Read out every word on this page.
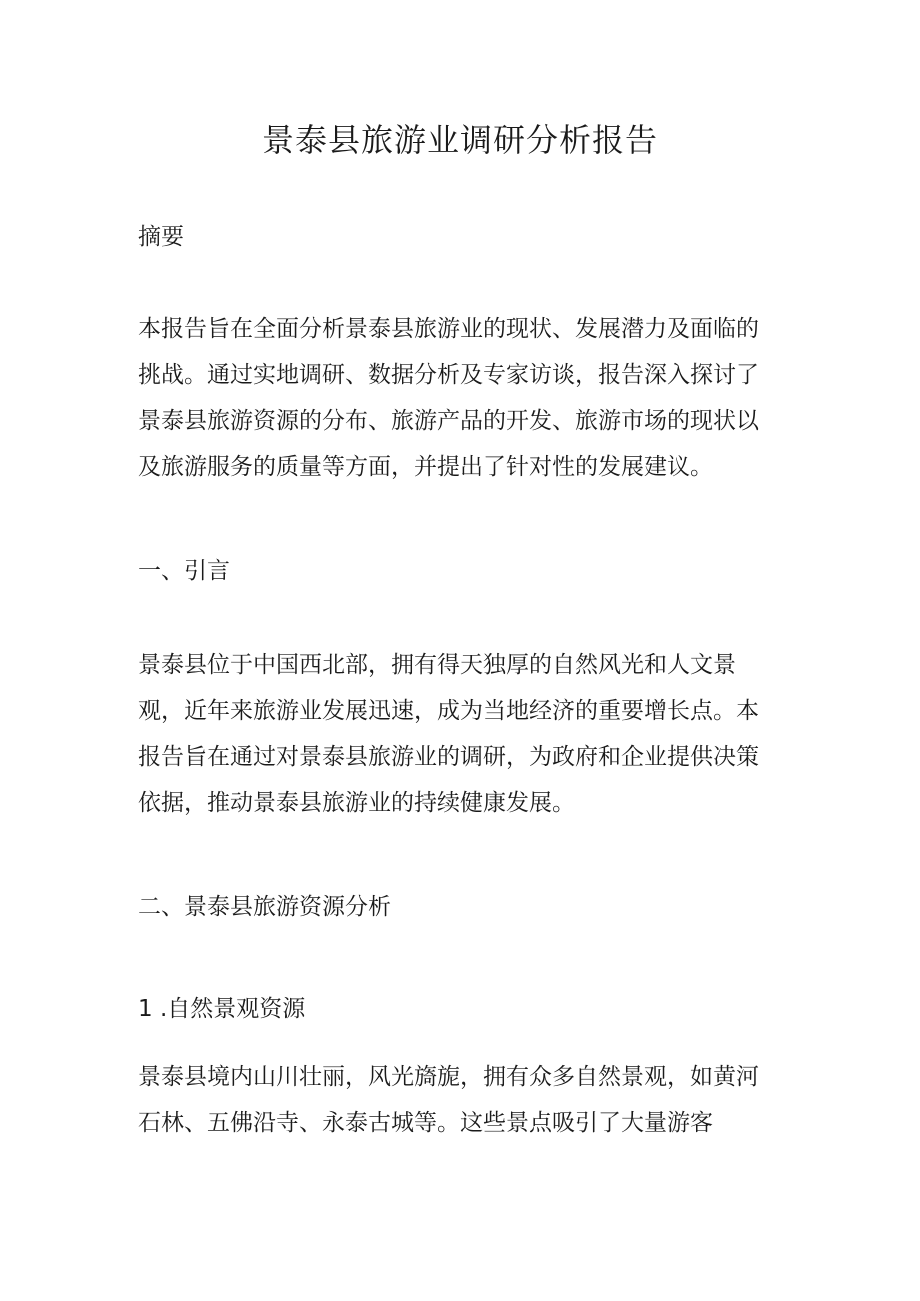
景泰县旅游业调研分析报告
摘要

本报告旨在全面分析景泰县旅游业的现状、发展潜力及面临的

挑战。通过实地调研、数据分析及专家访谈，报告深入探讨了

景泰县旅游资源的分布、旅游产品的开发、旅游市场的现状以

及旅游服务的质量等方面，并提出了针对性的发展建议。

一、引言

景泰县位于中国西北部，拥有得天独厚的自然风光和人文景

观，近年来旅游业发展迅速，成为当地经济的重要增长点。本

报告旨在通过对景泰县旅游业的调研，为政府和企业提供决策

依据，推动景泰县旅游业的持续健康发展。

二、景泰县旅游资源分析
1 .自然景观资源

景泰县境内山川壮丽，风光旖旎，拥有众多自然景观，如黄河

石林、五佛沿寺、永泰古城等。这些景点吸引了大量游客
